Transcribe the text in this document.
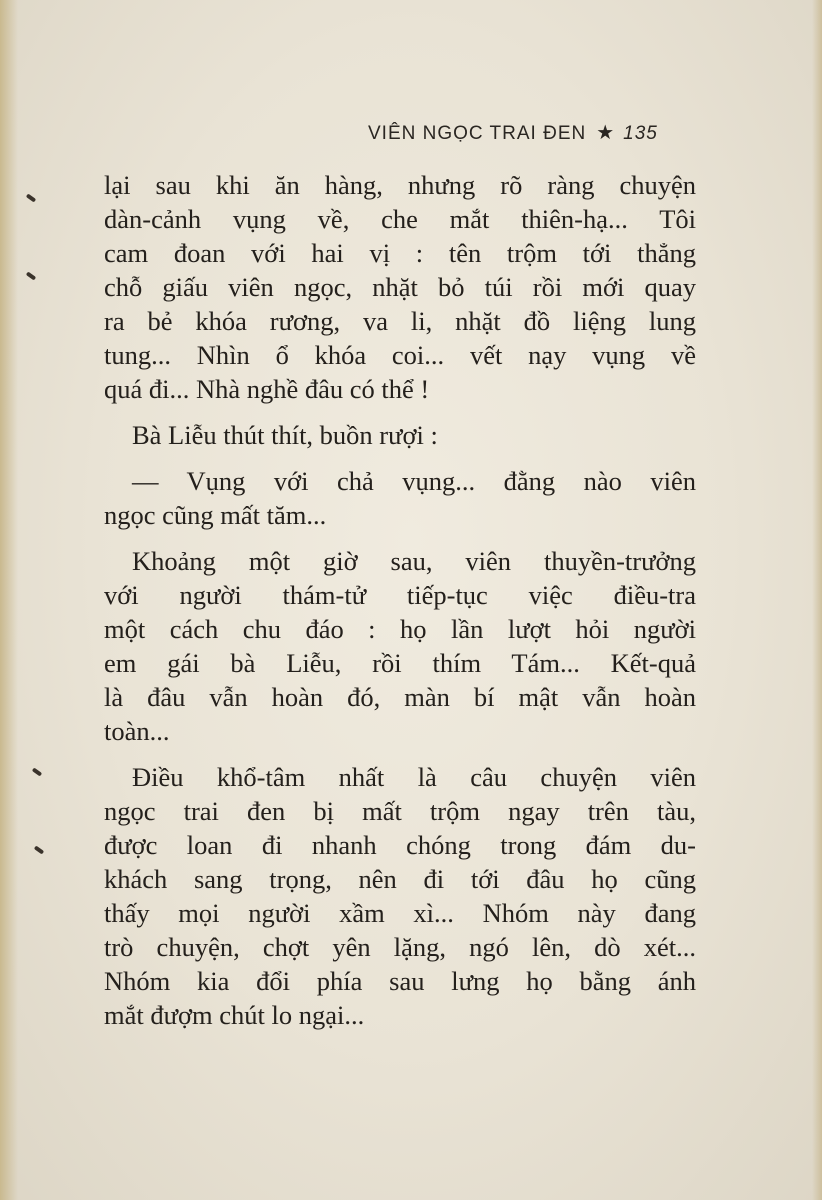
VIÊN NGỌC TRAI ĐEN ★ 135

lại sau khi ăn hàng, nhưng rõ ràng chuyện
dàn-cảnh vụng về, che mắt thiên-hạ... Tôi
cam đoan với hai vị : tên trộm tới thẳng
chỗ giấu viên ngọc, nhặt bỏ túi rồi mới quay
ra bẻ khóa rương, va li, nhặt đồ liệng lung
tung... Nhìn ổ khóa coi... vết nạy vụng về
quá đi... Nhà nghề đâu có thể !

Bà Liễu thút thít, buồn rượi :

— Vụng với chả vụng... đằng nào viên
ngọc cũng mất tăm...

Khoảng một giờ sau, viên thuyền-trưởng
với người thám-tử tiếp-tục việc điều-tra
một cách chu đáo : họ lần lượt hỏi người
em gái bà Liễu, rồi thím Tám... Kết-quả
là đâu vẫn hoàn đó, màn bí mật vẫn hoàn
toàn...

Điều khổ-tâm nhất là câu chuyện viên
ngọc trai đen bị mất trộm ngay trên tàu,
được loan đi nhanh chóng trong đám du-
khách sang trọng, nên đi tới đâu họ cũng
thấy mọi người xầm xì... Nhóm này đang
trò chuyện, chợt yên lặng, ngó lên, dò xét...
Nhóm kia đổi phía sau lưng họ bằng ánh
mắt đượm chút lo ngại...
